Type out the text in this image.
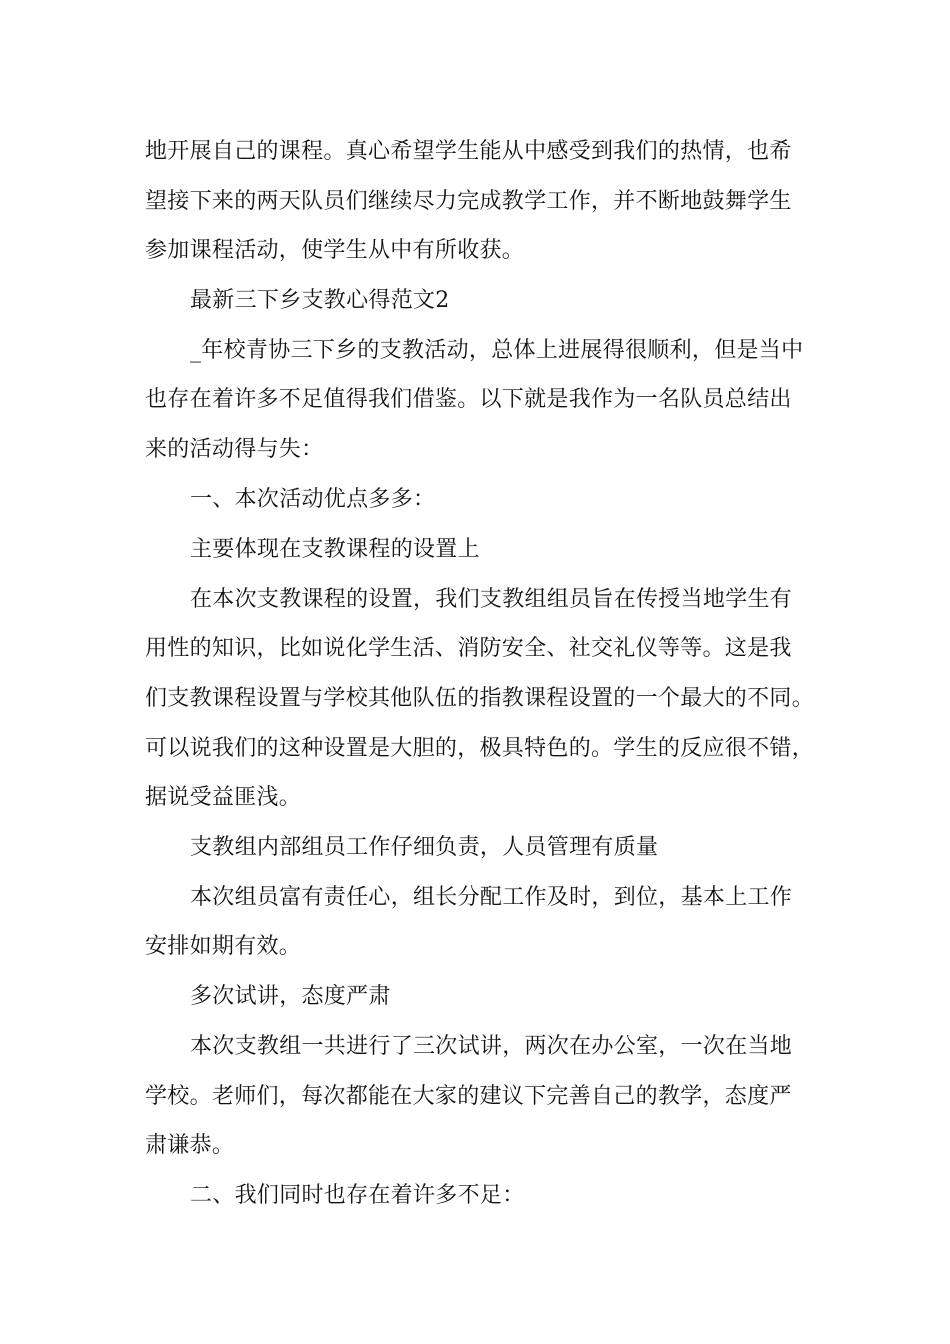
地开展自己的课程。真心希望学生能从中感受到我们的热情，也希
望接下来的两天队员们继续尽力完成教学工作，并不断地鼓舞学生
参加课程活动，使学生从中有所收获。
最新三下乡支教心得范文2
_年校青协三下乡的支教活动，总体上进展得很顺利，但是当中
也存在着许多不足值得我们借鉴。以下就是我作为一名队员总结出
来的活动得与失：
一、本次活动优点多多：
主要体现在支教课程的设置上
在本次支教课程的设置，我们支教组组员旨在传授当地学生有
用性的知识，比如说化学生活、消防安全、社交礼仪等等。这是我
们支教课程设置与学校其他队伍的指教课程设置的一个最大的不同。
可以说我们的这种设置是大胆的，极具特色的。学生的反应很不错，
据说受益匪浅。
支教组内部组员工作仔细负责，人员管理有质量
本次组员富有责任心，组长分配工作及时，到位，基本上工作
安排如期有效。
多次试讲，态度严肃
本次支教组一共进行了三次试讲，两次在办公室，一次在当地
学校。老师们，每次都能在大家的建议下完善自己的教学，态度严
肃谦恭。
二、我们同时也存在着许多不足：
